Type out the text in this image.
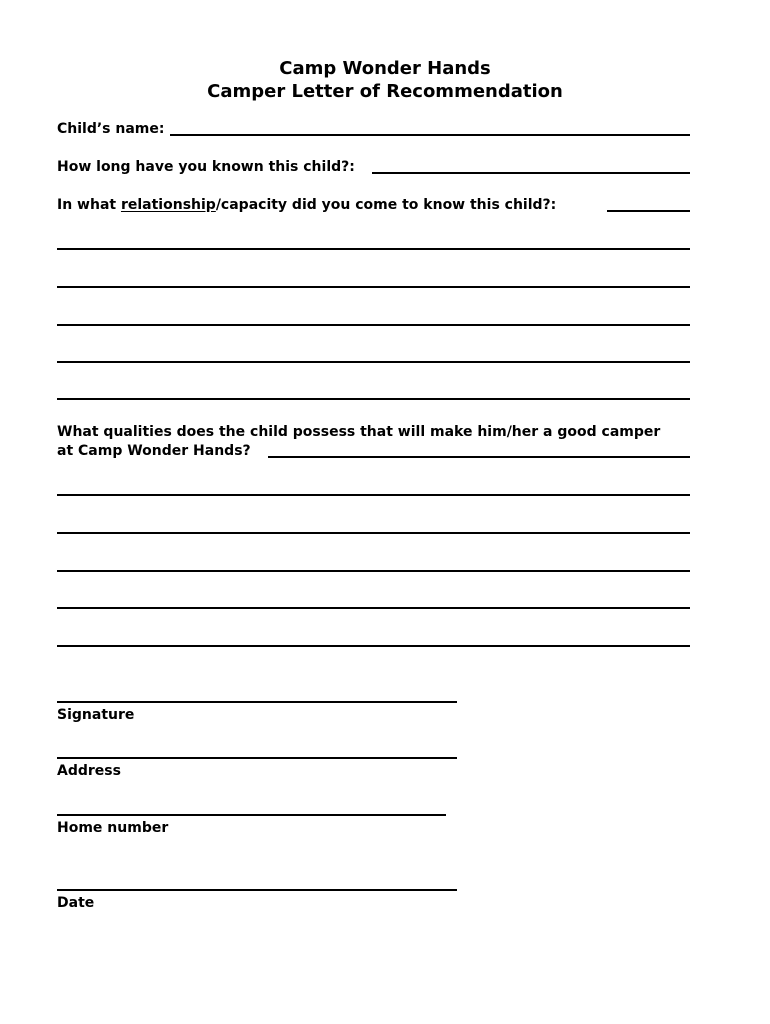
Camp Wonder Hands
Camper Letter of Recommendation
Child’s name:
How long have you known this child?:
In what relationship/capacity did you come to know this child?:
What qualities does the child possess that will make him/her a good camper
at Camp Wonder Hands?
Signature
Address
Home number
Date
